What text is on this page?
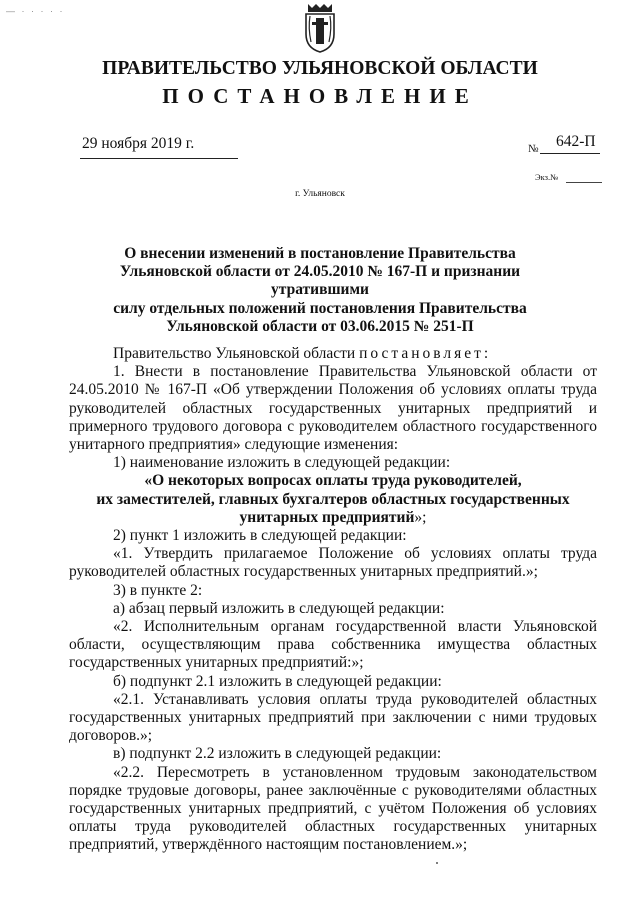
— · · · · ·
ПРАВИТЕЛЬСТВО УЛЬЯНОВСКОЙ ОБЛАСТИ
ПОСТАНОВЛЕНИЕ
29 ноября 2019 г.	№ 642-П
Экз.№
г. Ульяновск
О внесении изменений в постановление Правительства
Ульяновской области от 24.05.2010 № 167-П и признании утратившими
силу отдельных положений постановления Правительства
Ульяновской области от 03.06.2015 № 251-П

Правительство Ульяновской области постановляет:

1. Внести в постановление Правительства Ульяновской области от 24.05.2010 № 167-П «Об утверждении Положения об условиях оплаты труда руководителей областных государственных унитарных предприятий и примерного трудового договора с руководителем областного государственного унитарного предприятия» следующие изменения:

1) наименование изложить в следующей редакции:

«О некоторых вопросах оплаты труда руководителей,

их заместителей, главных бухгалтеров областных государственных

унитарных предприятий»;

2) пункт 1 изложить в следующей редакции:

«1. Утвердить прилагаемое Положение об условиях оплаты труда руководителей областных государственных унитарных предприятий.»;

3) в пункте 2:

а) абзац первый изложить в следующей редакции:

«2. Исполнительным органам государственной власти Ульяновской области, осуществляющим права собственника имущества областных государственных унитарных предприятий:»;

б) подпункт 2.1 изложить в следующей редакции:

«2.1. Устанавливать условия оплаты труда руководителей областных государственных унитарных предприятий при заключении с ними трудовых договоров.»;

в) подпункт 2.2 изложить в следующей редакции:

«2.2. Пересмотреть в установленном трудовым законодательством порядке трудовые договоры, ранее заключённые с руководителями областных государственных унитарных предприятий, с учётом Положения об условиях оплаты труда руководителей областных государственных унитарных предприятий, утверждённого настоящим постановлением.»;
